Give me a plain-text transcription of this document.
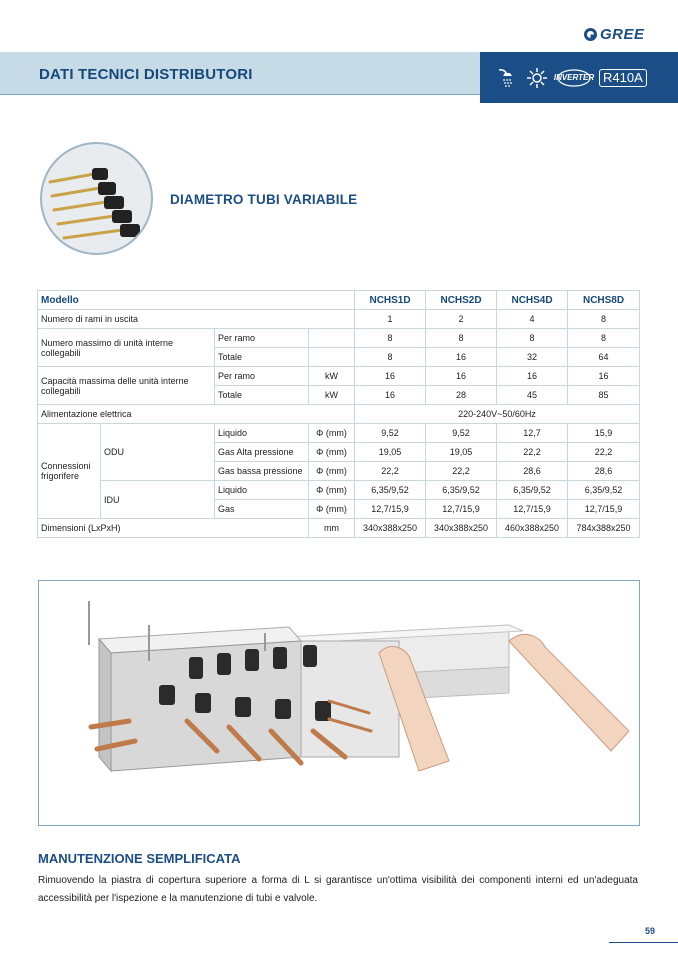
GREE
DATI TECNICI DISTRIBUTORI	INVERTER R410A
DIAMETRO TUBI VARIABILE
Modello				NCHS1D	NCHS2D	NCHS4D	NCHS8D
Numero di rami in uscita				1	2	4	8
Numero massimo di unità interne collegabili		Per ramo		8	8	8	8
		Totale		8	16	32	64
Capacità massima delle unità interne collegabili		Per ramo	kW	16	16	16	16
		Totale	kW	16	28	45	85
Alimentazione elettrica				220-240V~50/60Hz			
Connessioni frigorifere	ODU	Liquido	Φ (mm)	9,52	9,52	12,7	15,9
		Gas Alta pressione	Φ (mm)	19,05	19,05	22,2	22,2
		Gas bassa pressione	Φ (mm)	22,2	22,2	28,6	28,6
	IDU	Liquido	Φ (mm)	6,35/9,52	6,35/9,52	6,35/9,52	6,35/9,52
		Gas	Φ (mm)	12,7/15,9	12,7/15,9	12,7/15,9	12,7/15,9
Dimensioni (LxPxH)			mm	340x388x250	340x388x250	460x388x250	784x388x250
MANUTENZIONE SEMPLIFICATA
Rimuovendo la piastra di copertura superiore a forma di L si garantisce un'ottima visibilità dei componenti interni ed un'adeguata accessibilità per l'ispezione e la manutenzione di tubi e valvole.
59
